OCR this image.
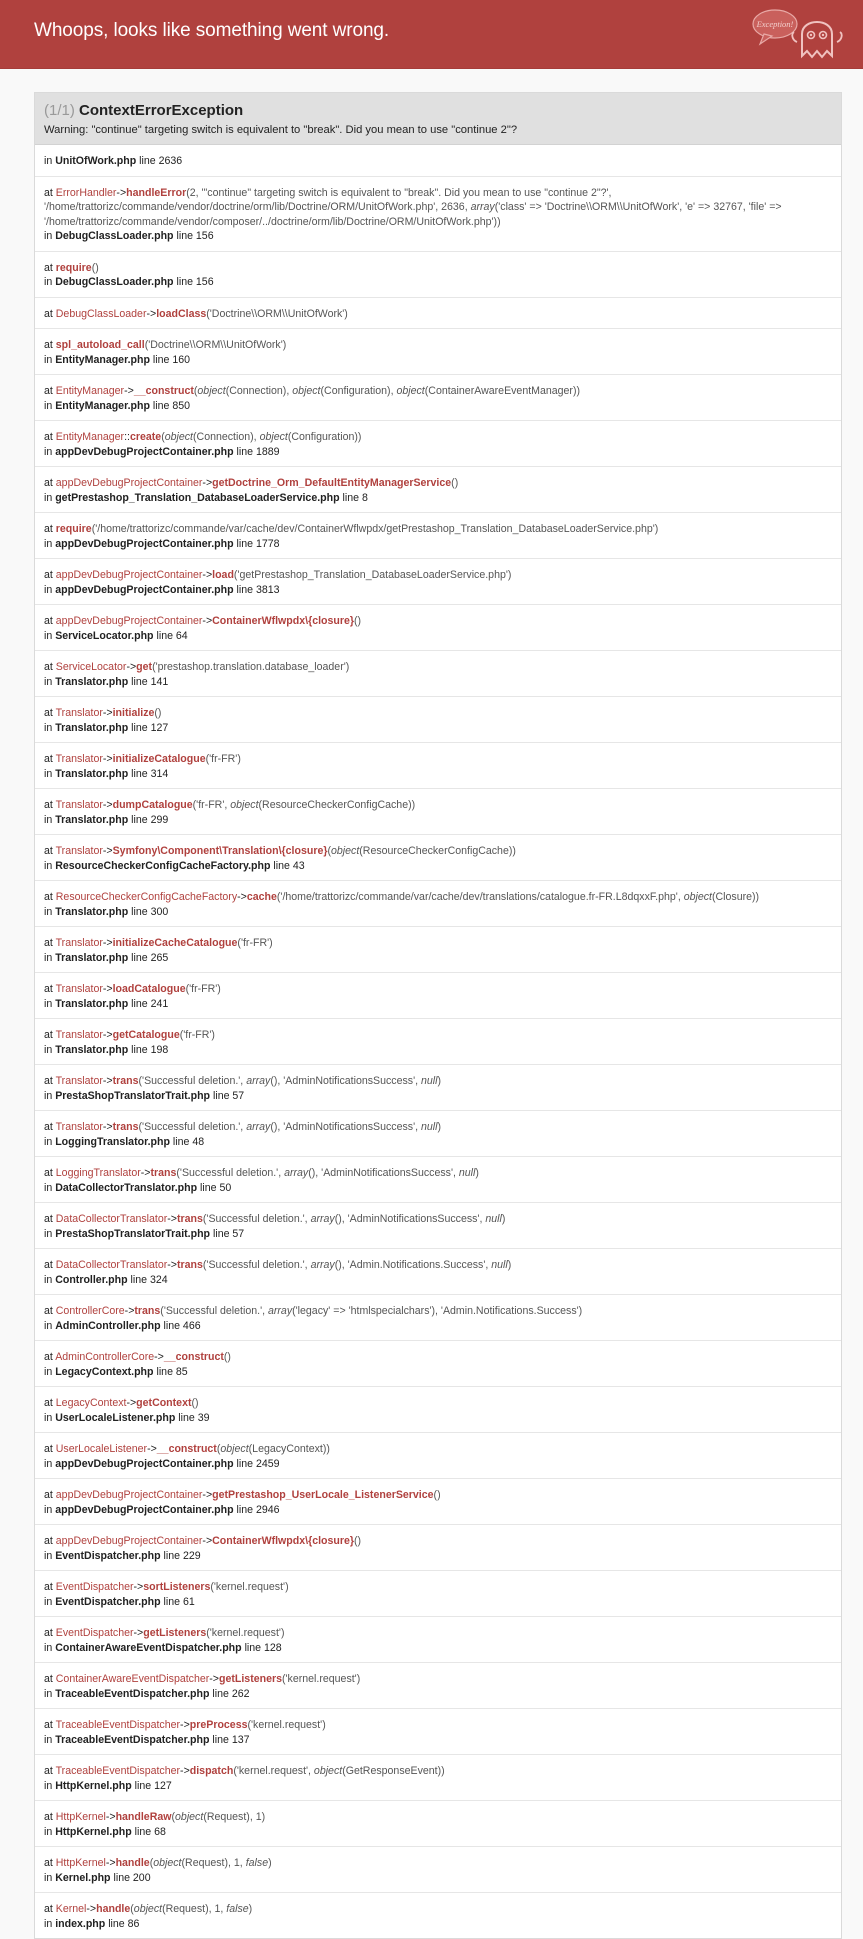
Whoops, looks like something went wrong.	Exception!
(1/1) ContextErrorException
Warning: "continue" targeting switch is equivalent to "break". Did you mean to use "continue 2"?
in UnitOfWork.php line 2636
at ErrorHandler->handleError(2, '"continue" targeting switch is equivalent to "break". Did you mean to use "continue 2"?', '/home/trattorizc/commande/vendor/doctrine/orm/lib/Doctrine/ORM/UnitOfWork.php', 2636, array('class' => 'Doctrine\\ORM\\UnitOfWork', 'e' => 32767, 'file' => '/home/trattorizc/commande/vendor/composer/../doctrine/orm/lib/Doctrine/ORM/UnitOfWork.php'))
in DebugClassLoader.php line 156
at require()
in DebugClassLoader.php line 156
at DebugClassLoader->loadClass('Doctrine\\ORM\\UnitOfWork')
at spl_autoload_call('Doctrine\\ORM\\UnitOfWork')
in EntityManager.php line 160
at EntityManager->__construct(object(Connection), object(Configuration), object(ContainerAwareEventManager))
in EntityManager.php line 850
at EntityManager::create(object(Connection), object(Configuration))
in appDevDebugProjectContainer.php line 1889
at appDevDebugProjectContainer->getDoctrine_Orm_DefaultEntityManagerService()
in getPrestashop_Translation_DatabaseLoaderService.php line 8
at require('/home/trattorizc/commande/var/cache/dev/ContainerWflwpdx/getPrestashop_Translation_DatabaseLoaderService.php')
in appDevDebugProjectContainer.php line 1778
at appDevDebugProjectContainer->load('getPrestashop_Translation_DatabaseLoaderService.php')
in appDevDebugProjectContainer.php line 3813
at appDevDebugProjectContainer->ContainerWflwpdx\{closure}()
in ServiceLocator.php line 64
at ServiceLocator->get('prestashop.translation.database_loader')
in Translator.php line 141
at Translator->initialize()
in Translator.php line 127
at Translator->initializeCatalogue('fr-FR')
in Translator.php line 314
at Translator->dumpCatalogue('fr-FR', object(ResourceCheckerConfigCache))
in Translator.php line 299
at Translator->Symfony\Component\Translation\{closure}(object(ResourceCheckerConfigCache))
in ResourceCheckerConfigCacheFactory.php line 43
at ResourceCheckerConfigCacheFactory->cache('/home/trattorizc/commande/var/cache/dev/translations/catalogue.fr-FR.L8dqxxF.php', object(Closure))
in Translator.php line 300
at Translator->initializeCacheCatalogue('fr-FR')
in Translator.php line 265
at Translator->loadCatalogue('fr-FR')
in Translator.php line 241
at Translator->getCatalogue('fr-FR')
in Translator.php line 198
at Translator->trans('Successful deletion.', array(), 'AdminNotificationsSuccess', null)
in PrestaShopTranslatorTrait.php line 57
at Translator->trans('Successful deletion.', array(), 'AdminNotificationsSuccess', null)
in LoggingTranslator.php line 48
at LoggingTranslator->trans('Successful deletion.', array(), 'AdminNotificationsSuccess', null)
in DataCollectorTranslator.php line 50
at DataCollectorTranslator->trans('Successful deletion.', array(), 'AdminNotificationsSuccess', null)
in PrestaShopTranslatorTrait.php line 57
at DataCollectorTranslator->trans('Successful deletion.', array(), 'Admin.Notifications.Success', null)
in Controller.php line 324
at ControllerCore->trans('Successful deletion.', array('legacy' => 'htmlspecialchars'), 'Admin.Notifications.Success')
in AdminController.php line 466
at AdminControllerCore->__construct()
in LegacyContext.php line 85
at LegacyContext->getContext()
in UserLocaleListener.php line 39
at UserLocaleListener->__construct(object(LegacyContext))
in appDevDebugProjectContainer.php line 2459
at appDevDebugProjectContainer->getPrestashop_UserLocale_ListenerService()
in appDevDebugProjectContainer.php line 2946
at appDevDebugProjectContainer->ContainerWflwpdx\{closure}()
in EventDispatcher.php line 229
at EventDispatcher->sortListeners('kernel.request')
in EventDispatcher.php line 61
at EventDispatcher->getListeners('kernel.request')
in ContainerAwareEventDispatcher.php line 128
at ContainerAwareEventDispatcher->getListeners('kernel.request')
in TraceableEventDispatcher.php line 262
at TraceableEventDispatcher->preProcess('kernel.request')
in TraceableEventDispatcher.php line 137
at TraceableEventDispatcher->dispatch('kernel.request', object(GetResponseEvent))
in HttpKernel.php line 127
at HttpKernel->handleRaw(object(Request), 1)
in HttpKernel.php line 68
at HttpKernel->handle(object(Request), 1, false)
in Kernel.php line 200
at Kernel->handle(object(Request), 1, false)
in index.php line 86
